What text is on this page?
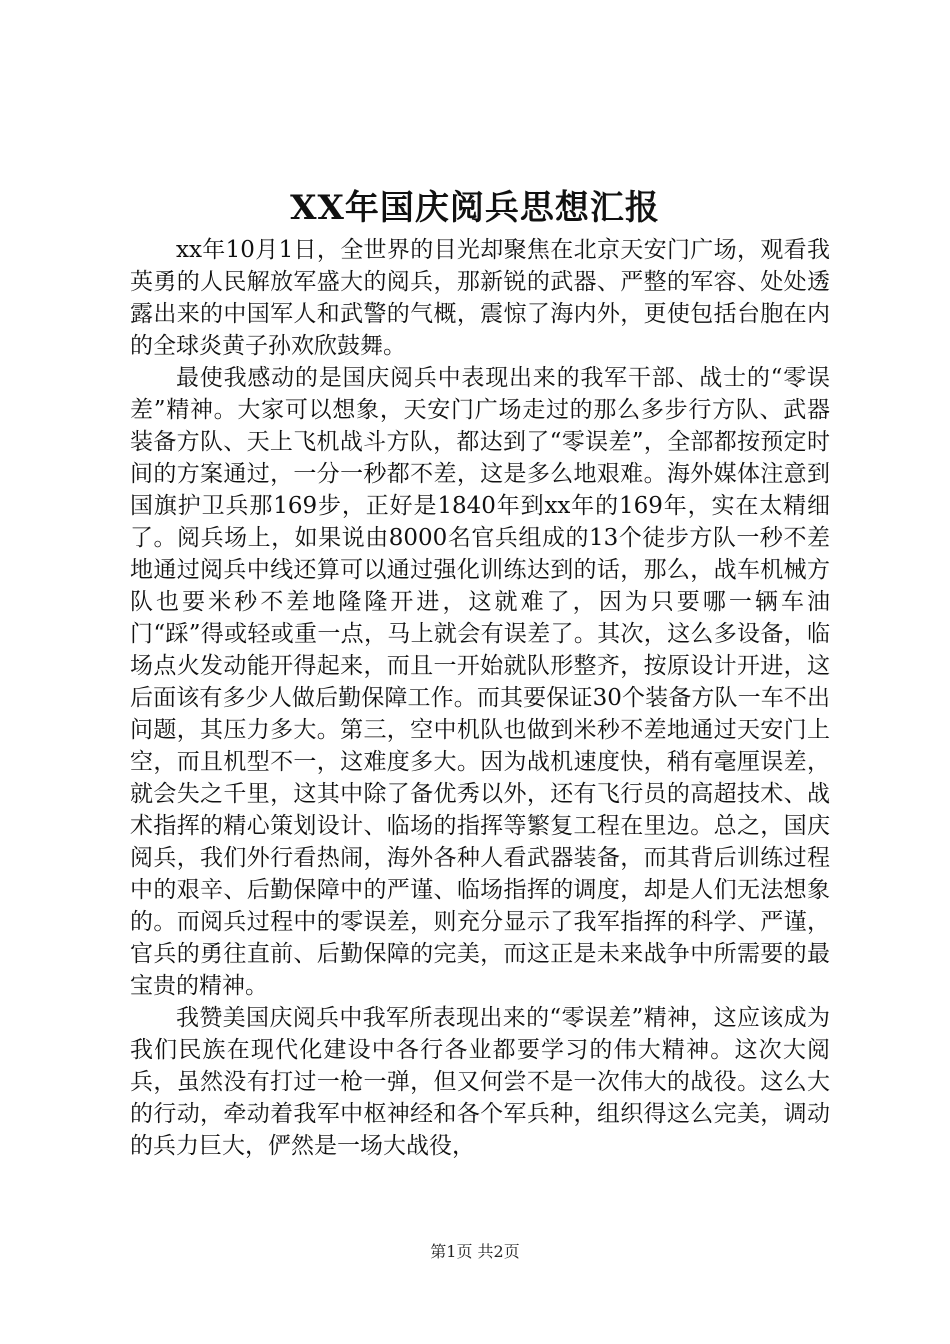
XX年国庆阅兵思想汇报

xx年10月1日，全世界的目光却聚焦在北京天安门广场，观看我英勇的人民解放军盛大的阅兵，那新锐的武器、严整的军容、处处透露出来的中国军人和武警的气概，震惊了海内外，更使包括台胞在内的全球炎黄子孙欢欣鼓舞。

最使我感动的是国庆阅兵中表现出来的我军干部、战士的“零误差”精神。大家可以想象，天安门广场走过的那么多步行方队、武器装备方队、天上飞机战斗方队，都达到了“零误差”，全部都按预定时间的方案通过，一分一秒都不差，这是多么地艰难。海外媒体注意到国旗护卫兵那169步，正好是1840年到xx年的169年，实在太精细了。阅兵场上，如果说由8000名官兵组成的13个徒步方队一秒不差地通过阅兵中线还算可以通过强化训练达到的话，那么，战车机械方队也要米秒不差地隆隆开进，这就难了，因为只要哪一辆车油门“踩”得或轻或重一点，马上就会有误差了。其次，这么多设备，临场点火发动能开得起来，而且一开始就队形整齐，按原设计开进，这后面该有多少人做后勤保障工作。而其要保证30个装备方队一车不出问题，其压力多大。第三，空中机队也做到米秒不差地通过天安门上空，而且机型不一，这难度多大。因为战机速度快，稍有毫厘误差，就会失之千里，这其中除了备优秀以外，还有飞行员的高超技术、战术指挥的精心策划设计、临场的指挥等繁复工程在里边。总之，国庆阅兵，我们外行看热闹，海外各种人看武器装备，而其背后训练过程中的艰辛、后勤保障中的严谨、临场指挥的调度，却是人们无法想象的。而阅兵过程中的零误差，则充分显示了我军指挥的科学、严谨，官兵的勇往直前、后勤保障的完美，而这正是未来战争中所需要的最宝贵的精神。

我赞美国庆阅兵中我军所表现出来的“零误差”精神，这应该成为我们民族在现代化建设中各行各业都要学习的伟大精神。这次大阅兵，虽然没有打过一枪一弹，但又何尝不是一次伟大的战役。这么大的行动，牵动着我军中枢神经和各个军兵种，组织得这么完美，调动的兵力巨大，俨然是一场大战役，

第1页 共2页
